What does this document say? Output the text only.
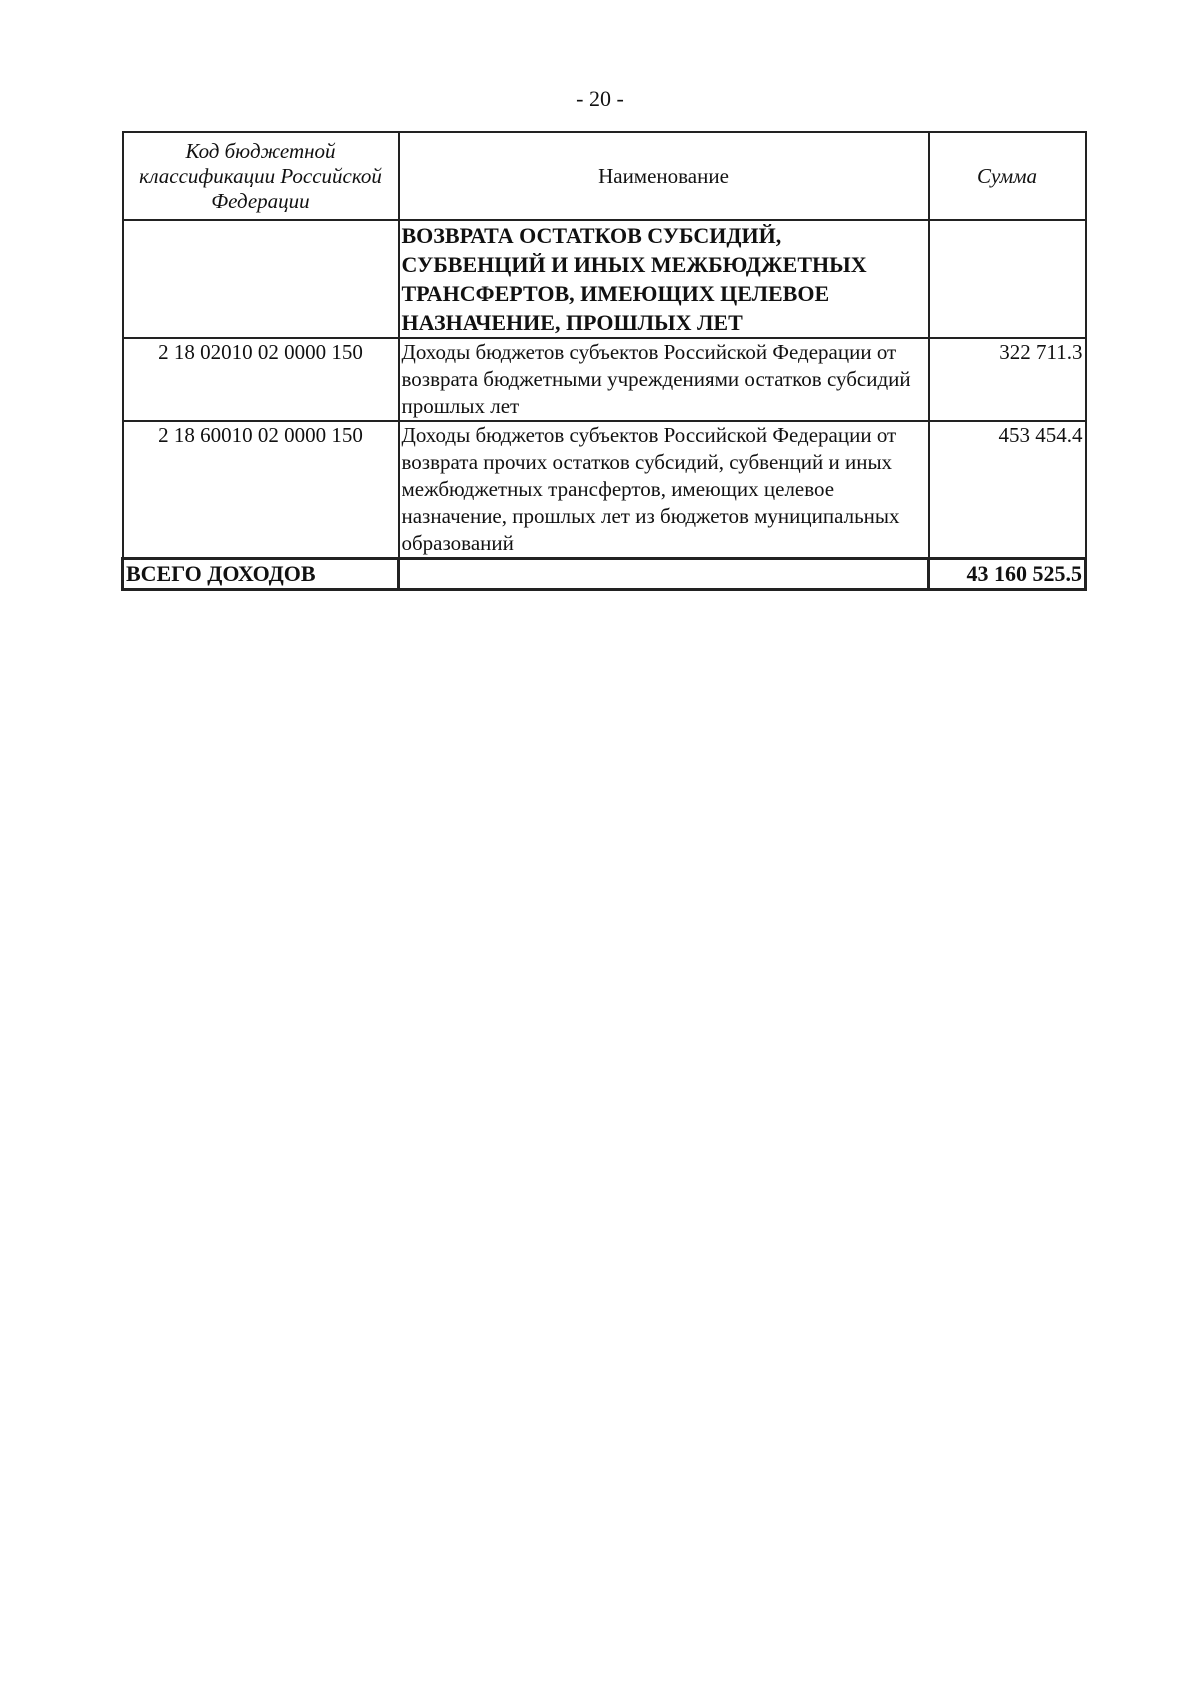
- 20 -
Код бюджетной классификации Российской Федерации	Наименование	Сумма
	ВОЗВРАТА ОСТАТКОВ СУБСИДИЙ, СУБВЕНЦИЙ И ИНЫХ МЕЖБЮДЖЕТНЫХ ТРАНСФЕРТОВ, ИМЕЮЩИХ ЦЕЛЕВОЕ НАЗНАЧЕНИЕ, ПРОШЛЫХ ЛЕТ	
2 18 02010 02 0000 150	Доходы бюджетов субъектов Российской Федерации от возврата бюджетными учреждениями остатков субсидий прошлых лет	322 711.3
2 18 60010 02 0000 150	Доходы бюджетов субъектов Российской Федерации от возврата прочих остатков субсидий, субвенций и иных межбюджетных трансфертов, имеющих целевое назначение, прошлых лет из бюджетов муниципальных образований	453 454.4
ВСЕГО ДОХОДОВ		43 160 525.5
